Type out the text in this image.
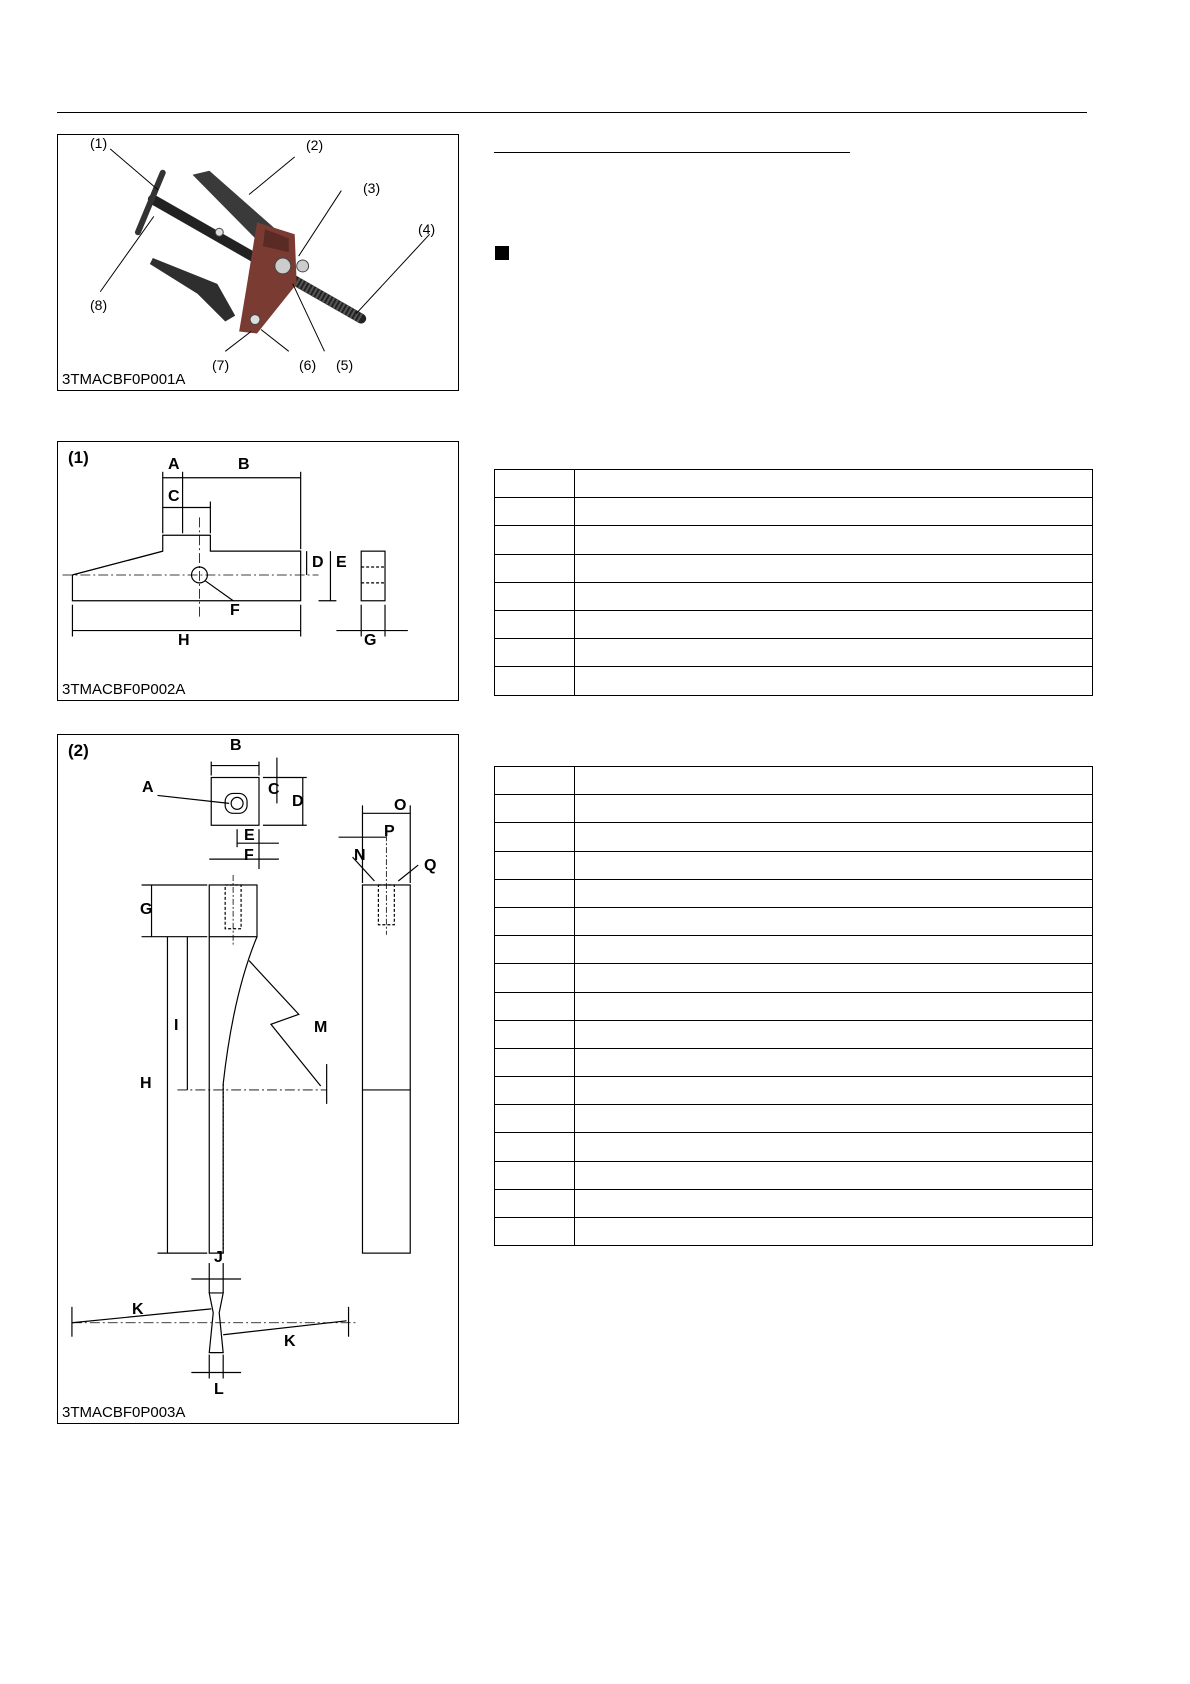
(1)	(2)
(3)
(4)
(5)
(6)
(7)
(8)
3TMACBF0P001A
(1)	A	B
C
D E
F
H	G
3TMACBF0P002A
(2)
A
B
C
D
E
F
G
H
I
J
K
K
L
M
N
O
P
Q
3TMACBF0P003A
